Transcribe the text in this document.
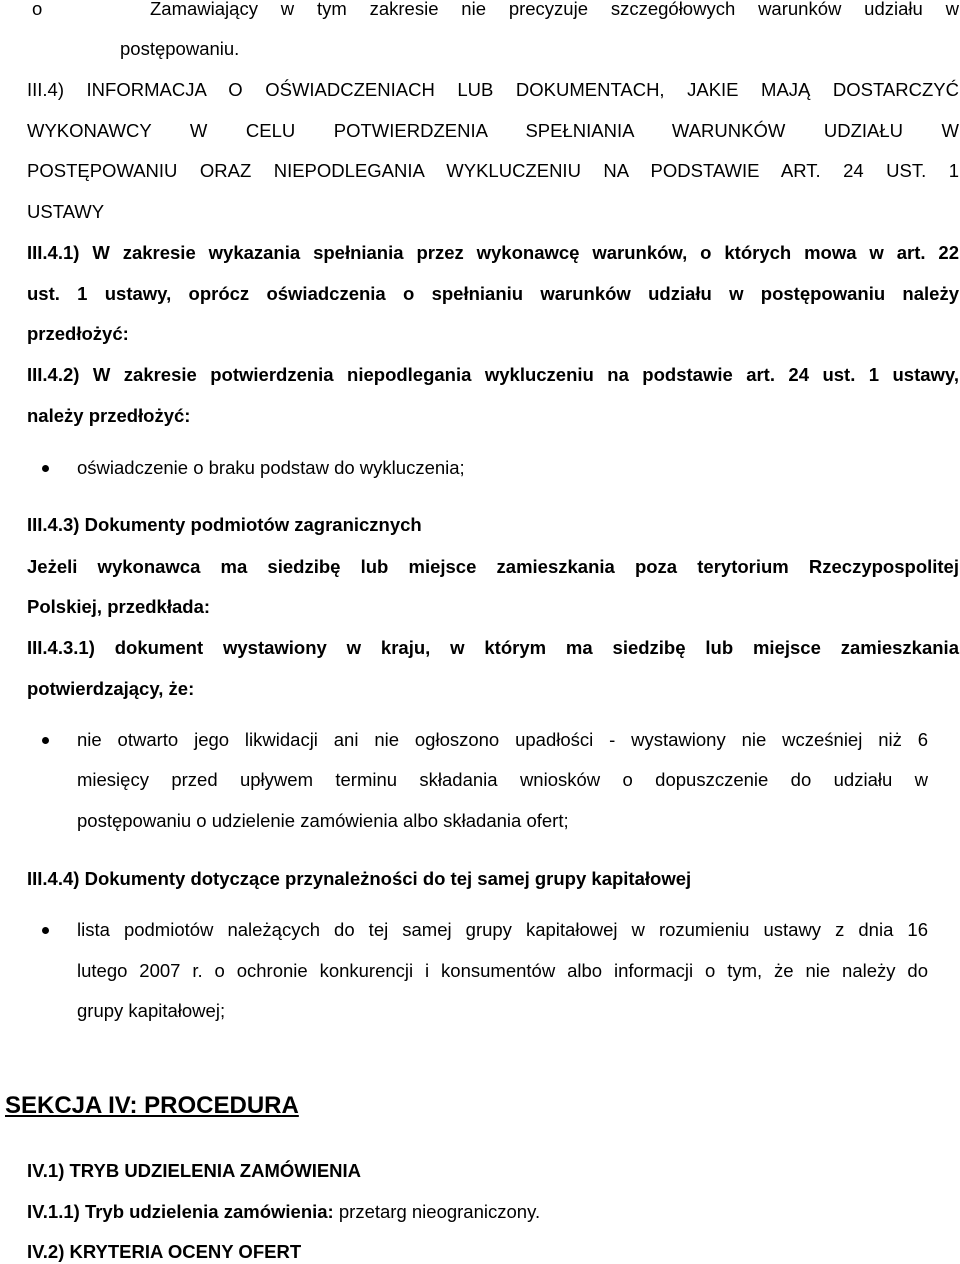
o	Zamawiający w tym zakresie nie precyzuje szczegółowych warunków udziału w
postępowaniu.
III.4) INFORMACJA O OŚWIADCZENIACH LUB DOKUMENTACH, JAKIE MAJĄ DOSTARCZYĆ
WYKONAWCY W CELU POTWIERDZENIA SPEŁNIANIA WARUNKÓW UDZIAŁU W
POSTĘPOWANIU ORAZ NIEPODLEGANIA WYKLUCZENIU NA PODSTAWIE ART. 24 UST. 1
USTAWY
III.4.1) W zakresie wykazania spełniania przez wykonawcę warunków, o których mowa w art. 22
ust. 1 ustawy, oprócz oświadczenia o spełnianiu warunków udziału w postępowaniu należy
przedłożyć:
III.4.2) W zakresie potwierdzenia niepodlegania wykluczeniu na podstawie art. 24 ust. 1 ustawy,
należy przedłożyć:
oświadczenie o braku podstaw do wykluczenia;
III.4.3) Dokumenty podmiotów zagranicznych
Jeżeli wykonawca ma siedzibę lub miejsce zamieszkania poza terytorium Rzeczypospolitej
Polskiej, przedkłada:
III.4.3.1) dokument wystawiony w kraju, w którym ma siedzibę lub miejsce zamieszkania
potwierdzający, że:
nie otwarto jego likwidacji ani nie ogłoszono upadłości - wystawiony nie wcześniej niż 6
miesięcy przed upływem terminu składania wniosków o dopuszczenie do udziału w
postępowaniu o udzielenie zamówienia albo składania ofert;
III.4.4) Dokumenty dotyczące przynależności do tej samej grupy kapitałowej
lista podmiotów należących do tej samej grupy kapitałowej w rozumieniu ustawy z dnia 16
lutego 2007 r. o ochronie konkurencji i konsumentów albo informacji o tym, że nie należy do
grupy kapitałowej;
SEKCJA IV: PROCEDURA
IV.1) TRYB UDZIELENIA ZAMÓWIENIA
IV.1.1) Tryb udzielenia zamówienia: przetarg nieograniczony.
IV.2) KRYTERIA OCENY OFERT
